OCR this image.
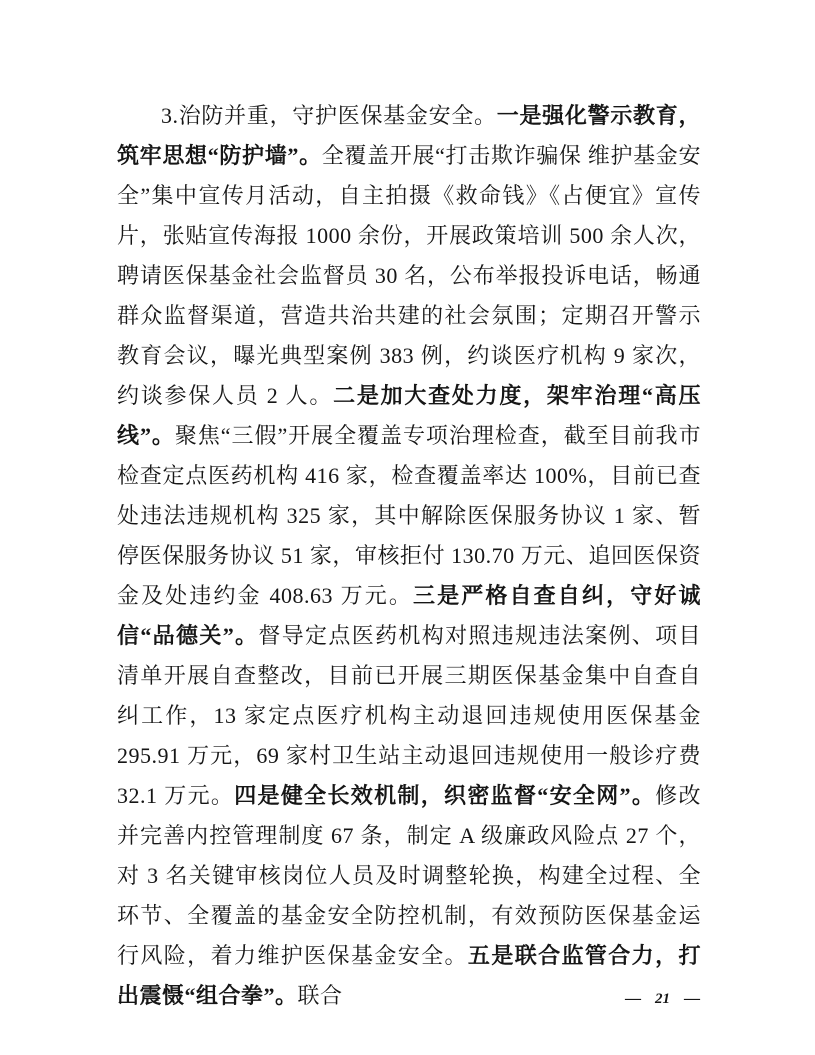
3.治防并重，守护医保基金安全。一是强化警示教育，筑牢思想“防护墙”。全覆盖开展“打击欺诈骗保 维护基金安全”集中宣传月活动，自主拍摄《救命钱》《占便宜》宣传片，张贴宣传海报 1000 余份，开展政策培训 500 余人次，聘请医保基金社会监督员 30 名，公布举报投诉电话，畅通群众监督渠道，营造共治共建的社会氛围；定期召开警示教育会议，曝光典型案例 383 例，约谈医疗机构 9 家次，约谈参保人员 2 人。二是加大查处力度，架牢治理“高压线”。聚焦“三假”开展全覆盖专项治理检查，截至目前我市检查定点医药机构 416 家，检查覆盖率达 100%，目前已查处违法违规机构 325 家，其中解除医保服务协议 1 家、暂停医保服务协议 51 家，审核拒付 130.70 万元、追回医保资金及处违约金 408.63 万元。三是严格自查自纠，守好诚信“品德关”。督导定点医药机构对照违规违法案例、项目清单开展自查整改，目前已开展三期医保基金集中自查自纠工作，13 家定点医疗机构主动退回违规使用医保基金 295.91 万元，69 家村卫生站主动退回违规使用一般诊疗费 32.1 万元。四是健全长效机制，织密监督“安全网”。修改并完善内控管理制度 67 条，制定 A 级廉政风险点 27 个，对 3 名关键审核岗位人员及时调整轮换，构建全过程、全环节、全覆盖的基金安全防控机制，有效预防医保基金运行风险，着力维护医保基金安全。五是联合监管合力，打出震慑“组合拳”。联合	— 21 —
